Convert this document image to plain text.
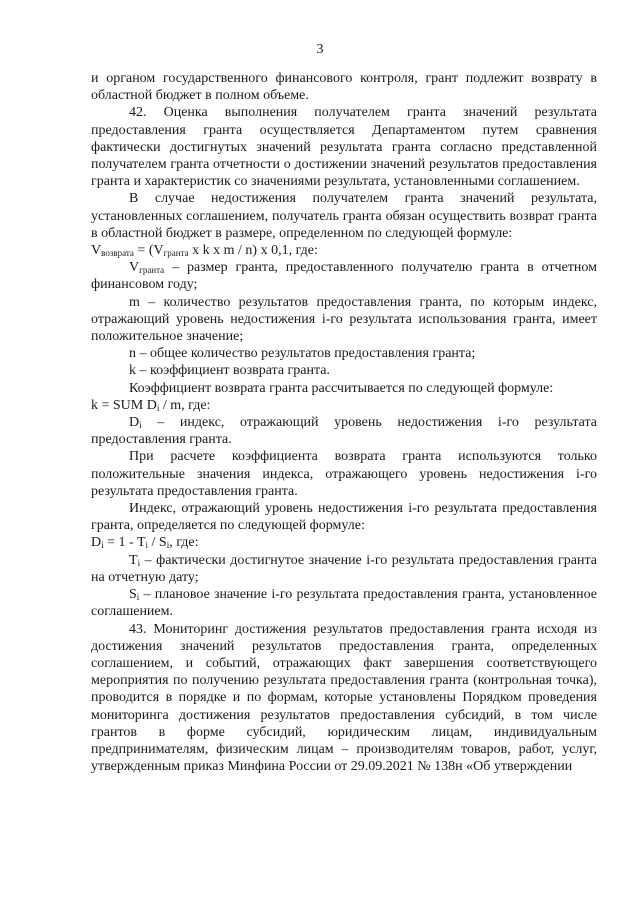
3

и органом государственного финансового контроля, грант подлежит возврату в областной бюджет в полном объеме.

42. Оценка выполнения получателем гранта значений результата предоставления гранта осуществляется Департаментом путем сравнения фактически достигнутых значений результата гранта согласно представленной получателем гранта отчетности о достижении значений результатов предоставления гранта и характеристик со значениями результата, установленными соглашением.

В случае недостижения получателем гранта значений результата, установленных соглашением, получатель гранта обязан осуществить возврат гранта в областной бюджет в размере, определенном по следующей формуле:

$V_{возврата} = (V_{гранта}$ x k x m / n) x 0,1, где:

$V_{гранта}$ – размер гранта, предоставленного получателю гранта в отчетном финансовом году;

m – количество результатов предоставления гранта, по которым индекс, отражающий уровень недостижения i-го результата использования гранта, имеет положительное значение;

n – общее количество результатов предоставления гранта;

k – коэффициент возврата гранта.

Коэффициент возврата гранта рассчитывается по следующей формуле:

k = SUM $D_i$ / m, где:

$D_i$ – индекс, отражающий уровень недостижения i-го результата предоставления гранта.

При расчете коэффициента возврата гранта используются только положительные значения индекса, отражающего уровень недостижения i-го результата предоставления гранта.

Индекс, отражающий уровень недостижения i-го результата предоставления гранта, определяется по следующей формуле:

$D_i = 1 - T_i / S_i$, где:

$T_i$ – фактически достигнутое значение i-го результата предоставления гранта на отчетную дату;

$S_i$ – плановое значение i-го результата предоставления гранта, установленное соглашением.

43. Мониторинг достижения результатов предоставления гранта исходя из достижения значений результатов предоставления гранта, определенных соглашением, и событий, отражающих факт завершения соответствующего мероприятия по получению результата предоставления гранта (контрольная точка), проводится в порядке и по формам, которые установлены Порядком проведения мониторинга достижения результатов предоставления субсидий, в том числе грантов в форме субсидий, юридическим лицам, индивидуальным предпринимателям, физическим лицам – производителям товаров, работ, услуг, утвержденным приказ Минфина России от 29.09.2021 № 138н «Об утверждении
